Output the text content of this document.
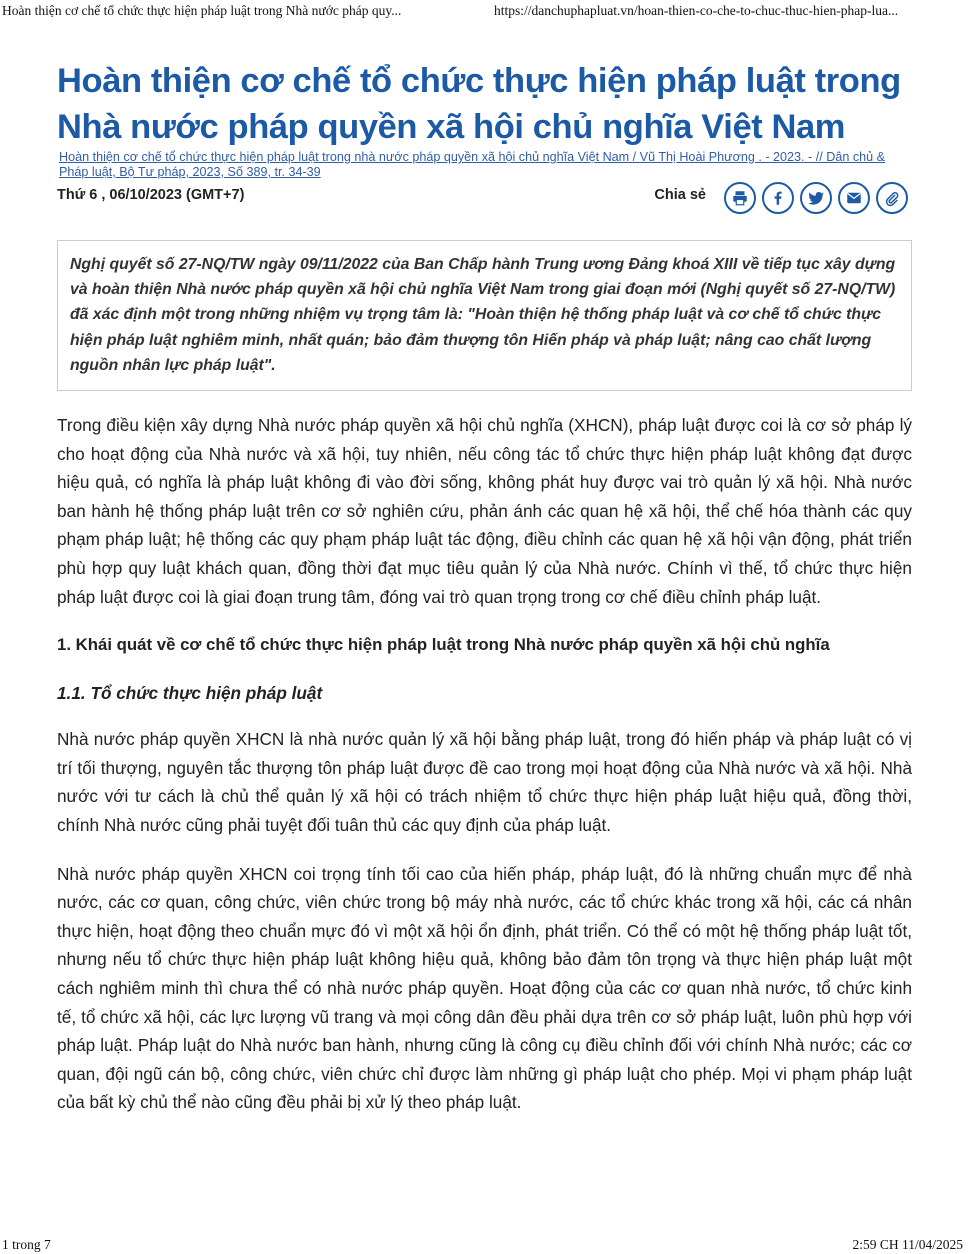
Hoàn thiện cơ chế tổ chức thực hiện pháp luật trong Nhà nước pháp quy...	https://danchuphapluat.vn/hoan-thien-co-che-to-chuc-thuc-hien-phap-lua...
Hoàn thiện cơ chế tổ chức thực hiện pháp luật trong Nhà nước pháp quyền xã hội chủ nghĩa Việt Nam

Hoàn thiện cơ chế tổ chức thực hiện pháp luật trong nhà nước pháp quyền xã hội chủ nghĩa Việt Nam / Vũ Thị Hoài Phương . - 2023. - // Dân chủ & Pháp luật, Bộ Tư pháp, 2023, Số 389, tr. 34-39

Thứ 6 , 06/10/2023 (GMT+7)	Chia sẻ
Nghị quyết số 27-NQ/TW ngày 09/11/2022 của Ban Chấp hành Trung ương Đảng khoá XIII về tiếp tục xây dựng và hoàn thiện Nhà nước pháp quyền xã hội chủ nghĩa Việt Nam trong giai đoạn mới (Nghị quyết số 27-NQ/TW) đã xác định một trong những nhiệm vụ trọng tâm là: "Hoàn thiện hệ thống pháp luật và cơ chế tổ chức thực hiện pháp luật nghiêm minh, nhất quán; bảo đảm thượng tôn Hiến pháp và pháp luật; nâng cao chất lượng nguồn nhân lực pháp luật".

Trong điều kiện xây dựng Nhà nước pháp quyền xã hội chủ nghĩa (XHCN), pháp luật được coi là cơ sở pháp lý cho hoạt động của Nhà nước và xã hội, tuy nhiên, nếu công tác tổ chức thực hiện pháp luật không đạt được hiệu quả, có nghĩa là pháp luật không đi vào đời sống, không phát huy được vai trò quản lý xã hội. Nhà nước ban hành hệ thống pháp luật trên cơ sở nghiên cứu, phản ánh các quan hệ xã hội, thể chế hóa thành các quy phạm pháp luật; hệ thống các quy phạm pháp luật tác động, điều chỉnh các quan hệ xã hội vận động, phát triển phù hợp quy luật khách quan, đồng thời đạt mục tiêu quản lý của Nhà nước. Chính vì thế, tổ chức thực hiện pháp luật được coi là giai đoạn trung tâm, đóng vai trò quan trọng trong cơ chế điều chỉnh pháp luật.

1. Khái quát về cơ chế tổ chức thực hiện pháp luật trong Nhà nước pháp quyền xã hội chủ nghĩa
1.1. Tổ chức thực hiện pháp luật

Nhà nước pháp quyền XHCN là nhà nước quản lý xã hội bằng pháp luật, trong đó hiến pháp và pháp luật có vị trí tối thượng, nguyên tắc thượng tôn pháp luật được đề cao trong mọi hoạt động của Nhà nước và xã hội. Nhà nước với tư cách là chủ thể quản lý xã hội có trách nhiệm tổ chức thực hiện pháp luật hiệu quả, đồng thời, chính Nhà nước cũng phải tuyệt đối tuân thủ các quy định của pháp luật.

Nhà nước pháp quyền XHCN coi trọng tính tối cao của hiến pháp, pháp luật, đó là những chuẩn mực để nhà nước, các cơ quan, công chức, viên chức trong bộ máy nhà nước, các tổ chức khác trong xã hội, các cá nhân thực hiện, hoạt động theo chuẩn mực đó vì một xã hội ổn định, phát triển. Có thể có một hệ thống pháp luật tốt, nhưng nếu tổ chức thực hiện pháp luật không hiệu quả, không bảo đảm tôn trọng và thực hiện pháp luật một cách nghiêm minh thì chưa thể có nhà nước pháp quyền. Hoạt động của các cơ quan nhà nước, tổ chức kinh tế, tổ chức xã hội, các lực lượng vũ trang và mọi công dân đều phải dựa trên cơ sở pháp luật, luôn phù hợp với pháp luật. Pháp luật do Nhà nước ban hành, nhưng cũng là công cụ điều chỉnh đối với chính Nhà nước; các cơ quan, đội ngũ cán bộ, công chức, viên chức chỉ được làm những gì pháp luật cho phép. Mọi vi phạm pháp luật của bất kỳ chủ thể nào cũng đều phải bị xử lý theo pháp luật.

1 trong 7	2:59 CH 11/04/2025
